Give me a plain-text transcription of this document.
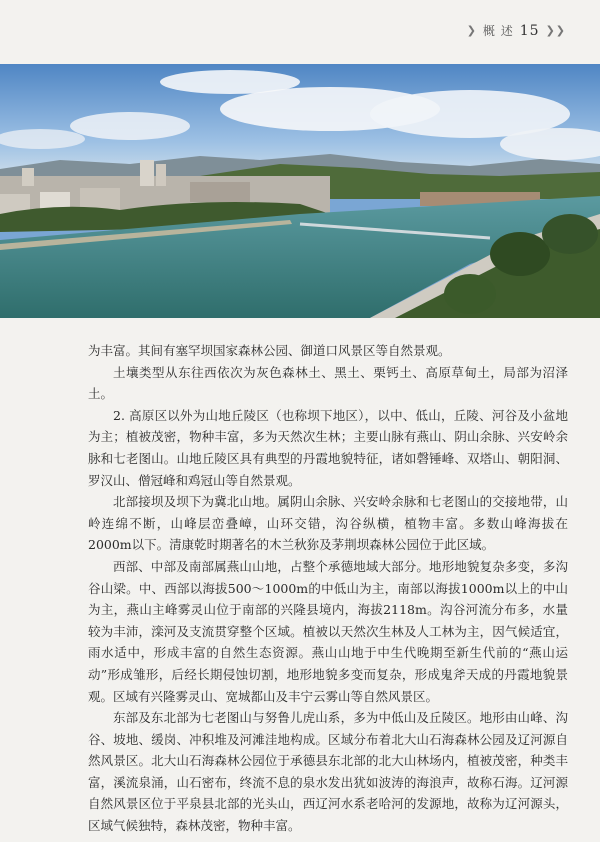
❯ 概 述 15 ❯❯

为丰富。其间有塞罕坝国家森林公园、御道口风景区等自然景观。

土壤类型从东往西依次为灰色森林土、黑土、栗钙土、高原草甸土，局部为沼泽土。

2. 高原区以外为山地丘陵区（也称坝下地区），以中、低山，丘陵、河谷及小盆地为主；植被茂密，物种丰富，多为天然次生林；主要山脉有燕山、阴山余脉、兴安岭余脉和七老图山。山地丘陵区具有典型的丹霞地貌特征，诸如磬锤峰、双塔山、朝阳洞、罗汉山、僧冠峰和鸡冠山等自然景观。

北部接坝及坝下为冀北山地。属阴山余脉、兴安岭余脉和七老图山的交接地带，山岭连绵不断，山峰层峦叠嶂，山环交错，沟谷纵横，植物丰富。多数山峰海拔在2000m以下。清康乾时期著名的木兰秋狝及茅荆坝森林公园位于此区域。

西部、中部及南部属燕山山地，占整个承德地域大部分。地形地貌复杂多变，多沟谷山梁。中、西部以海拔500～1000m的中低山为主，南部以海拔1000m以上的中山为主，燕山主峰雾灵山位于南部的兴隆县境内，海拔2118m。沟谷河流分布多，水量较为丰沛，滦河及支流贯穿整个区域。植被以天然次生林及人工林为主，因气候适宜，雨水适中，形成丰富的自然生态资源。燕山山地于中生代晚期至新生代前的“燕山运动”形成雏形，后经长期侵蚀切割，地形地貌多变而复杂，形成鬼斧天成的丹霞地貌景观。区域有兴隆雾灵山、宽城都山及丰宁云雾山等自然风景区。

东部及东北部为七老图山与努鲁儿虎山系，多为中低山及丘陵区。地形由山峰、沟谷、坡地、缓岗、冲积堆及河滩洼地构成。区域分布着北大山石海森林公园及辽河源自然风景区。北大山石海森林公园位于承德县东北部的北大山林场内，植被茂密，种类丰富，溪流泉涌，山石密布，终流不息的泉水发出犹如波涛的海浪声，故称石海。辽河源自然风景区位于平泉县北部的光头山，西辽河水系老哈河的发源地，故称为辽河源头，区域气候独特，森林茂密，物种丰富。
